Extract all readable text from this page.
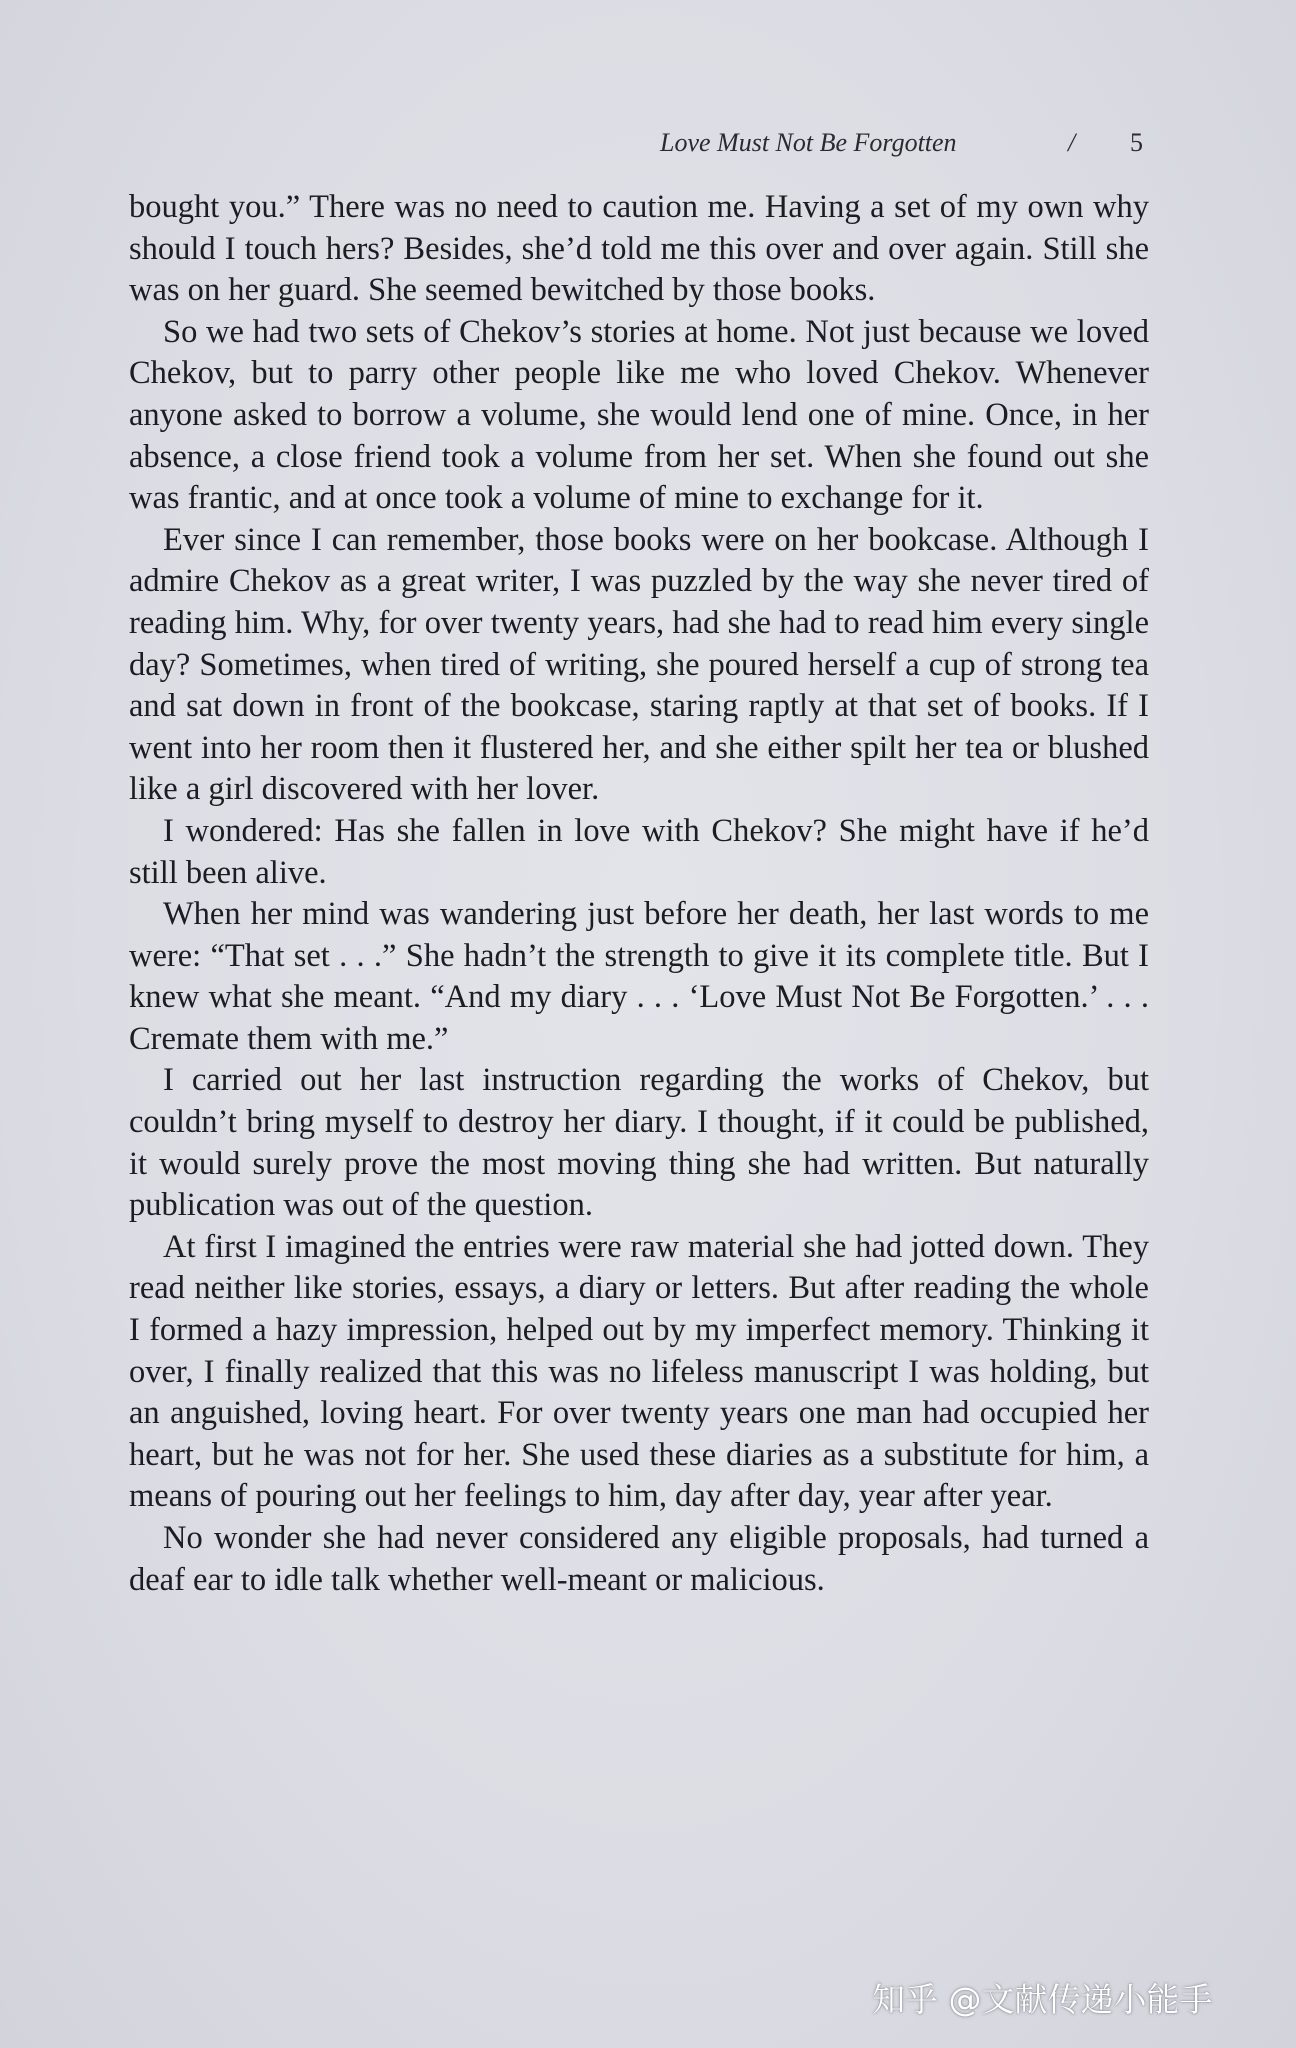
Love Must Not Be Forgotten	/ 5

bought you.” There was no need to caution me. Having a set of my own why should I touch hers? Besides, she’d told me this over and over again. Still she was on her guard. She seemed bewitched by those books.

So we had two sets of Chekov’s stories at home. Not just because we loved Chekov, but to parry other people like me who loved Chekov. Whenever anyone asked to borrow a volume, she would lend one of mine. Once, in her absence, a close friend took a volume from her set. When she found out she was frantic, and at once took a volume of mine to exchange for it.

Ever since I can remember, those books were on her bookcase. Although I admire Chekov as a great writer, I was puzzled by the way she never tired of reading him. Why, for over twenty years, had she had to read him every single day? Sometimes, when tired of writing, she poured herself a cup of strong tea and sat down in front of the bookcase, staring raptly at that set of books. If I went into her room then it flustered her, and she either spilt her tea or blushed like a girl discovered with her lover.

I wondered: Has she fallen in love with Chekov? She might have if he’d still been alive.

When her mind was wandering just before her death, her last words to me were: “That set . . .” She hadn’t the strength to give it its complete title. But I knew what she meant. “And my diary . . . ‘Love Must Not Be Forgotten.’ . . . Cremate them with me.”

I carried out her last instruction regarding the works of Chekov, but couldn’t bring myself to destroy her diary. I thought, if it could be published, it would surely prove the most moving thing she had written. But naturally publication was out of the question.

At first I imagined the entries were raw material she had jotted down. They read neither like stories, essays, a diary or letters. But after reading the whole I formed a hazy impression, helped out by my imperfect memory. Thinking it over, I finally realized that this was no lifeless manuscript I was holding, but an anguished, loving heart. For over twenty years one man had occupied her heart, but he was not for her. She used these diaries as a substitute for him, a means of pouring out her feelings to him, day after day, year after year.

No wonder she had never considered any eligible proposals, had turned a deaf ear to idle talk whether well-meant or malicious.

知乎 @文献传递小能手
